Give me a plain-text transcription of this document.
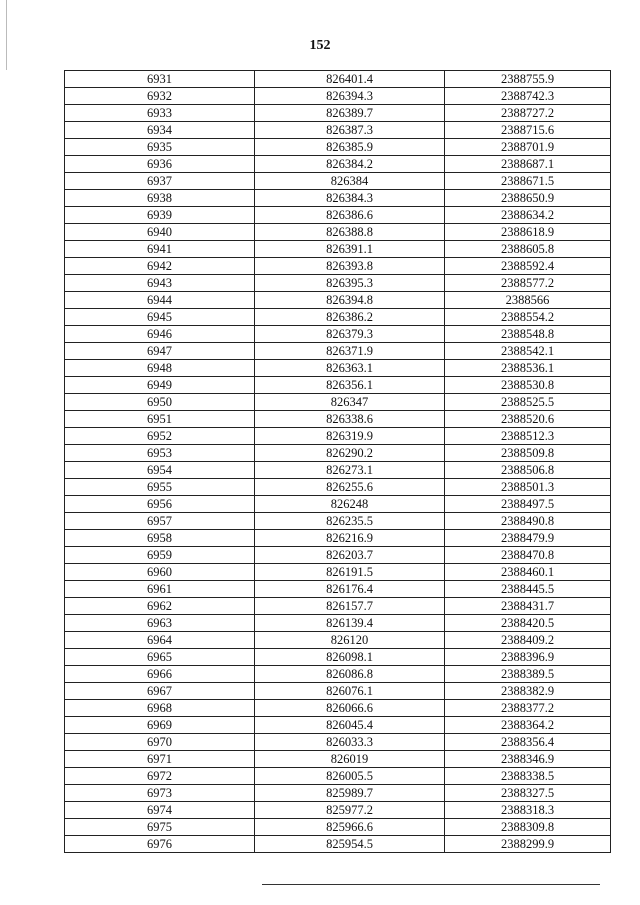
152
6931	826401.4	2388755.9
6932	826394.3	2388742.3
6933	826389.7	2388727.2
6934	826387.3	2388715.6
6935	826385.9	2388701.9
6936	826384.2	2388687.1
6937	826384	2388671.5
6938	826384.3	2388650.9
6939	826386.6	2388634.2
6940	826388.8	2388618.9
6941	826391.1	2388605.8
6942	826393.8	2388592.4
6943	826395.3	2388577.2
6944	826394.8	2388566
6945	826386.2	2388554.2
6946	826379.3	2388548.8
6947	826371.9	2388542.1
6948	826363.1	2388536.1
6949	826356.1	2388530.8
6950	826347	2388525.5
6951	826338.6	2388520.6
6952	826319.9	2388512.3
6953	826290.2	2388509.8
6954	826273.1	2388506.8
6955	826255.6	2388501.3
6956	826248	2388497.5
6957	826235.5	2388490.8
6958	826216.9	2388479.9
6959	826203.7	2388470.8
6960	826191.5	2388460.1
6961	826176.4	2388445.5
6962	826157.7	2388431.7
6963	826139.4	2388420.5
6964	826120	2388409.2
6965	826098.1	2388396.9
6966	826086.8	2388389.5
6967	826076.1	2388382.9
6968	826066.6	2388377.2
6969	826045.4	2388364.2
6970	826033.3	2388356.4
6971	826019	2388346.9
6972	826005.5	2388338.5
6973	825989.7	2388327.5
6974	825977.2	2388318.3
6975	825966.6	2388309.8
6976	825954.5	2388299.9
